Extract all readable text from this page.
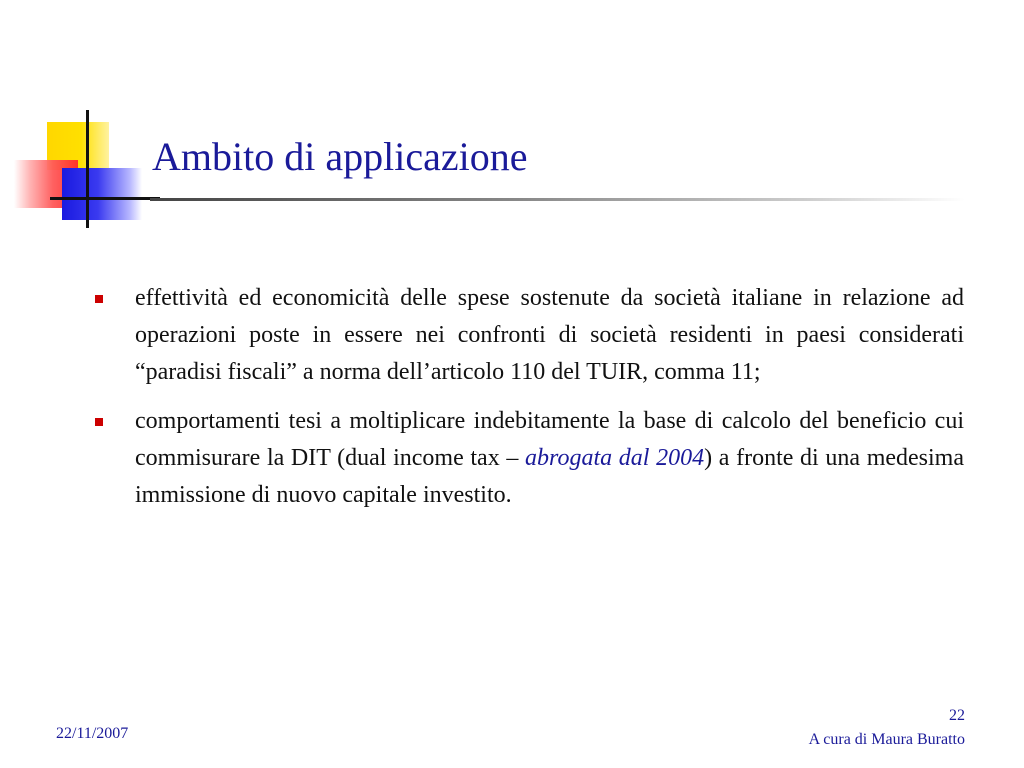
Ambito di applicazione
effettività ed economicità delle spese sostenute da società italiane in relazione ad operazioni poste in essere nei confronti di società residenti in paesi considerati “paradisi fiscali” a norma dell’articolo 110 del TUIR, comma 11;
comportamenti tesi a moltiplicare indebitamente la base di calcolo del beneficio cui commisurare la DIT (dual income tax – abrogata dal 2004) a fronte di una medesima immissione di nuovo capitale investito.
22/11/2007
22
A cura di Maura Buratto
